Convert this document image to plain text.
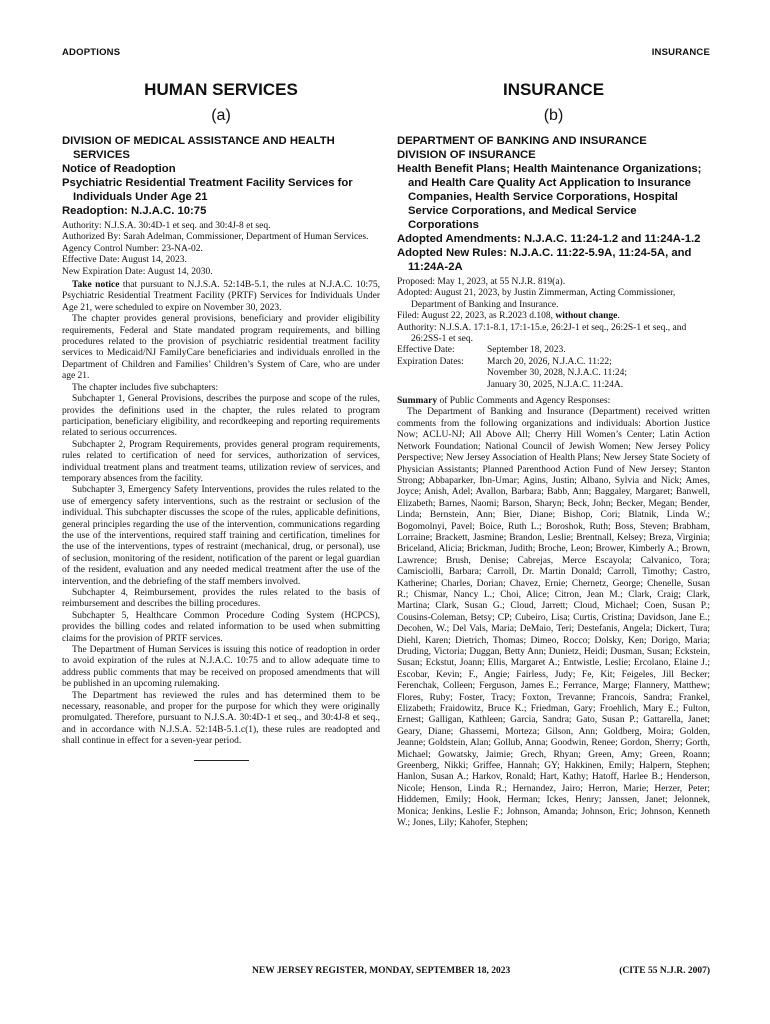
ADOPTIONS	INSURANCE

HUMAN SERVICES

(a)

DIVISION OF MEDICAL ASSISTANCE AND HEALTH SERVICES

Notice of Readoption

Psychiatric Residential Treatment Facility Services for Individuals Under Age 21

Readoption: N.J.A.C. 10:75

Authority: N.J.S.A. 30:4D-1 et seq. and 30:4J-8 et seq.

Authorized By: Sarah Adelman, Commissioner, Department of Human Services.

Agency Control Number: 23-NA-02.

Effective Date: August 14, 2023.

New Expiration Date: August 14, 2030.

Take notice that pursuant to N.J.S.A. 52:14B-5.1, the rules at N.J.A.C. 10:75, Psychiatric Residential Treatment Facility (PRTF) Services for Individuals Under Age 21, were scheduled to expire on November 30, 2023.

The chapter provides general provisions, beneficiary and provider eligibility requirements, Federal and State mandated program requirements, and billing procedures related to the provision of psychiatric residential treatment facility services to Medicaid/NJ FamilyCare beneficiaries and individuals enrolled in the Department of Children and Families’ Children’s System of Care, who are under age 21.

The chapter includes five subchapters:

Subchapter 1, General Provisions, describes the purpose and scope of the rules, provides the definitions used in the chapter, the rules related to program participation, beneficiary eligibility, and recordkeeping and reporting requirements related to serious occurrences.

Subchapter 2, Program Requirements, provides general program requirements, rules related to certification of need for services, authorization of services, individual treatment plans and treatment teams, utilization review of services, and temporary absences from the facility.

Subchapter 3, Emergency Safety Interventions, provides the rules related to the use of emergency safety interventions, such as the restraint or seclusion of the individual. This subchapter discusses the scope of the rules, applicable definitions, general principles regarding the use of the intervention, communications regarding the use of the interventions, required staff training and certification, timelines for the use of the interventions, types of restraint (mechanical, drug, or personal), use of seclusion, monitoring of the resident, notification of the parent or legal guardian of the resident, evaluation and any needed medical treatment after the use of the intervention, and the debriefing of the staff members involved.

Subchapter 4, Reimbursement, provides the rules related to the basis of reimbursement and describes the billing procedures.

Subchapter 5, Healthcare Common Procedure Coding System (HCPCS), provides the billing codes and related information to be used when submitting claims for the provision of PRTF services.

The Department of Human Services is issuing this notice of readoption in order to avoid expiration of the rules at N.J.A.C. 10:75 and to allow adequate time to address public comments that may be received on proposed amendments that will be published in an upcoming rulemaking.

The Department has reviewed the rules and has determined them to be necessary, reasonable, and proper for the purpose for which they were originally promulgated. Therefore, pursuant to N.J.S.A. 30:4D-1 et seq., and 30:4J-8 et seq., and in accordance with N.J.S.A. 52:14B-5.1.c(1), these rules are readopted and shall continue in effect for a seven-year period.

INSURANCE

(b)

DEPARTMENT OF BANKING AND INSURANCE

DIVISION OF INSURANCE

Health Benefit Plans; Health Maintenance Organizations; and Health Care Quality Act Application to Insurance Companies, Health Service Corporations, Hospital Service Corporations, and Medical Service Corporations

Adopted Amendments: N.J.A.C. 11:24-1.2 and 11:24A-1.2

Adopted New Rules: N.J.A.C. 11:22-5.9A, 11:24-5A, and 11:24A-2A

Proposed: May 1, 2023, at 55 N.J.R. 819(a).

Adopted: August 21, 2023, by Justin Zimmerman, Acting Commissioner, Department of Banking and Insurance.

Filed: August 22, 2023, as R.2023 d.108, without change.

Authority: N.J.S.A. 17:1-8.1, 17:1-15.e, 26:2J-1 et seq., 26:2S-1 et seq., and 26:2SS-1 et seq.

Effective Date:	September 18, 2023.
Expiration Dates:	March 20, 2026, N.J.A.C. 11:22;
November 30, 2028, N.J.A.C. 11:24;
January 30, 2025, N.J.A.C. 11:24A.

Summary of Public Comments and Agency Responses:

The Department of Banking and Insurance (Department) received written comments from the following organizations and individuals: Abortion Justice Now; ACLU-NJ; All Above All; Cherry Hill Women’s Center; Latin Action Network Foundation; National Council of Jewish Women; New Jersey Policy Perspective; New Jersey Association of Health Plans; New Jersey State Society of Physician Assistants; Planned Parenthood Action Fund of New Jersey; Stanton Strong; Abbaparker, Ibn-Umar; Agins, Justin; Albano, Sylvia and Nick; Ames, Joyce; Anish, Adel; Avallon, Barbara; Babb, Ann; Baggaley, Margaret; Banwell, Elizabeth; Barnes, Naomi; Barson, Sharyn; Beck, John; Becker, Megan; Bender, Linda; Bernstein, Ann; Bier, Diane; Bishop, Cori; Blatnik, Linda W.; Bogomolnyi, Pavel; Boice, Ruth L.; Boroshok, Ruth; Boss, Steven; Brabham, Lorraine; Brackett, Jasmine; Brandon, Leslie; Brentnall, Kelsey; Breza, Virginia; Briceland, Alicia; Brickman, Judith; Broche, Leon; Brower, Kimberly A.; Brown, Lawrence; Brush, Denise; Cabrejas, Merce Escayola; Calvanico, Tora; Camisciolli, Barbara; Carroll, Dr. Martin Donald; Carroll, Timothy; Castro, Katherine; Charles, Dorian; Chavez, Ernie; Chernetz, George; Chenelle, Susan R.; Chismar, Nancy L.; Choi, Alice; Citron, Jean M.; Clark, Craig; Clark, Martina; Clark, Susan G.; Cloud, Jarrett; Cloud, Michael; Coen, Susan P.; Cousins-Coleman, Betsy; CP; Cubeiro, Lisa; Curtis, Cristina; Davidson, Jane E.; Decohen, W.; Del Vals, Maria; DeMaio, Teri; Destefanis, Angela; Dickert, Tura; Diehl, Karen; Dietrich, Thomas; Dimeo, Rocco; Dolsky, Ken; Dorigo, Maria; Druding, Victoria; Duggan, Betty Ann; Dunietz, Heidi; Dusman, Susan; Eckstein, Susan; Eckstut, Joann; Ellis, Margaret A.; Entwistle, Leslie; Ercolano, Elaine J.; Escobar, Kevin; F., Angie; Fairless, Judy; Fe, Kit; Feigeles, Jill Becker; Ferenchak, Colleen; Ferguson, James E.; Ferrance, Marge; Flannery, Matthew; Flores, Ruby; Foster, Tracy; Foxton, Trevanne; Francois, Sandra; Frankel, Elizabeth; Fraidowitz, Bruce K.; Friedman, Gary; Froehlich, Mary E.; Fulton, Ernest; Galligan, Kathleen; Garcia, Sandra; Gato, Susan P.; Gattarella, Janet; Geary, Diane; Ghassemi, Morteza; Gilson, Ann; Goldberg, Moira; Golden, Jeanne; Goldstein, Alan; Gollub, Anna; Goodwin, Renee; Gordon, Sherry; Gorth, Michael; Gowatsky, Jaimie; Grech, Rhyan; Green, Amy; Green, Roann; Greenberg, Nikki; Griffee, Hannah; GY; Hakkinen, Emily; Halpern, Stephen; Hanlon, Susan A.; Harkov, Ronald; Hart, Kathy; Hatoff, Harlee B.; Henderson, Nicole; Henson, Linda R.; Hernandez, Jairo; Herron, Marie; Herzer, Peter; Hiddemen, Emily; Hook, Herman; Ickes, Henry; Janssen, Janet; Jelonnek, Monica; Jenkins, Leslie F.; Johnson, Amanda; Johnson, Eric; Johnson, Kenneth W.; Jones, Lily; Kahofer, Stephen;

NEW JERSEY REGISTER, MONDAY, SEPTEMBER 18, 2023	(CITE 55 N.J.R. 2007)
